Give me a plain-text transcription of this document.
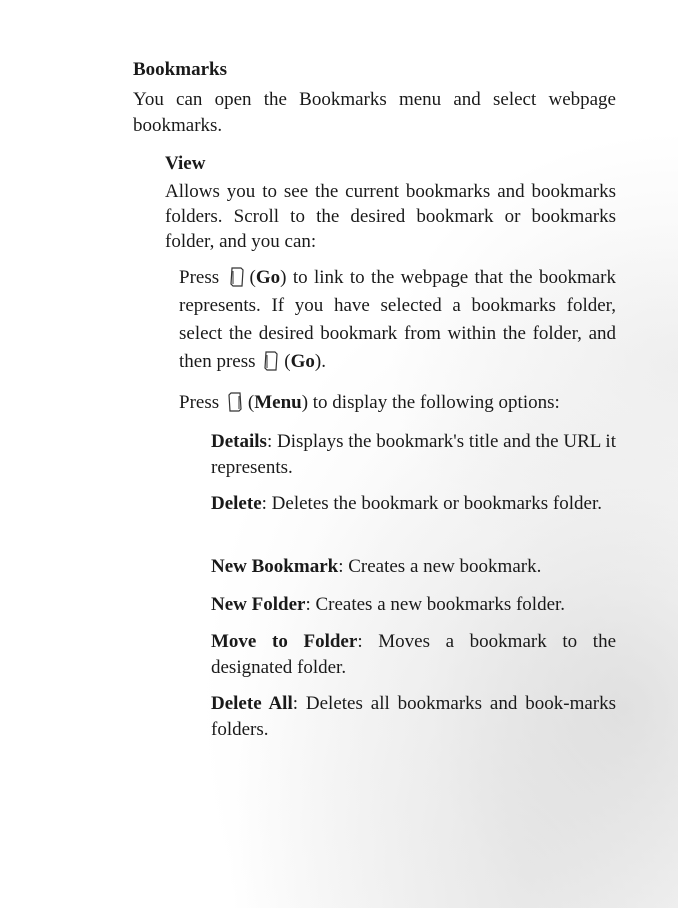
Bookmarks

You can open the Bookmarks menu and select webpage bookmarks.

View

Allows you to see the current bookmarks and bookmarks folders. Scroll to the desired bookmark or bookmarks folder, and you can:

Press (Go) to link to the webpage that the bookmark represents. If you have selected a bookmarks folder, select the desired bookmark from within the folder, and then press (Go).

Press (Menu) to display the following options:

Details: Displays the bookmark's title and the URL it represents.

Delete: Deletes the bookmark or bookmarks folder.

New Bookmark: Creates a new bookmark.

New Folder: Creates a new bookmarks folder.

Move to Folder: Moves a bookmark to the designated folder.

Delete All: Deletes all bookmarks and book-marks folders.
